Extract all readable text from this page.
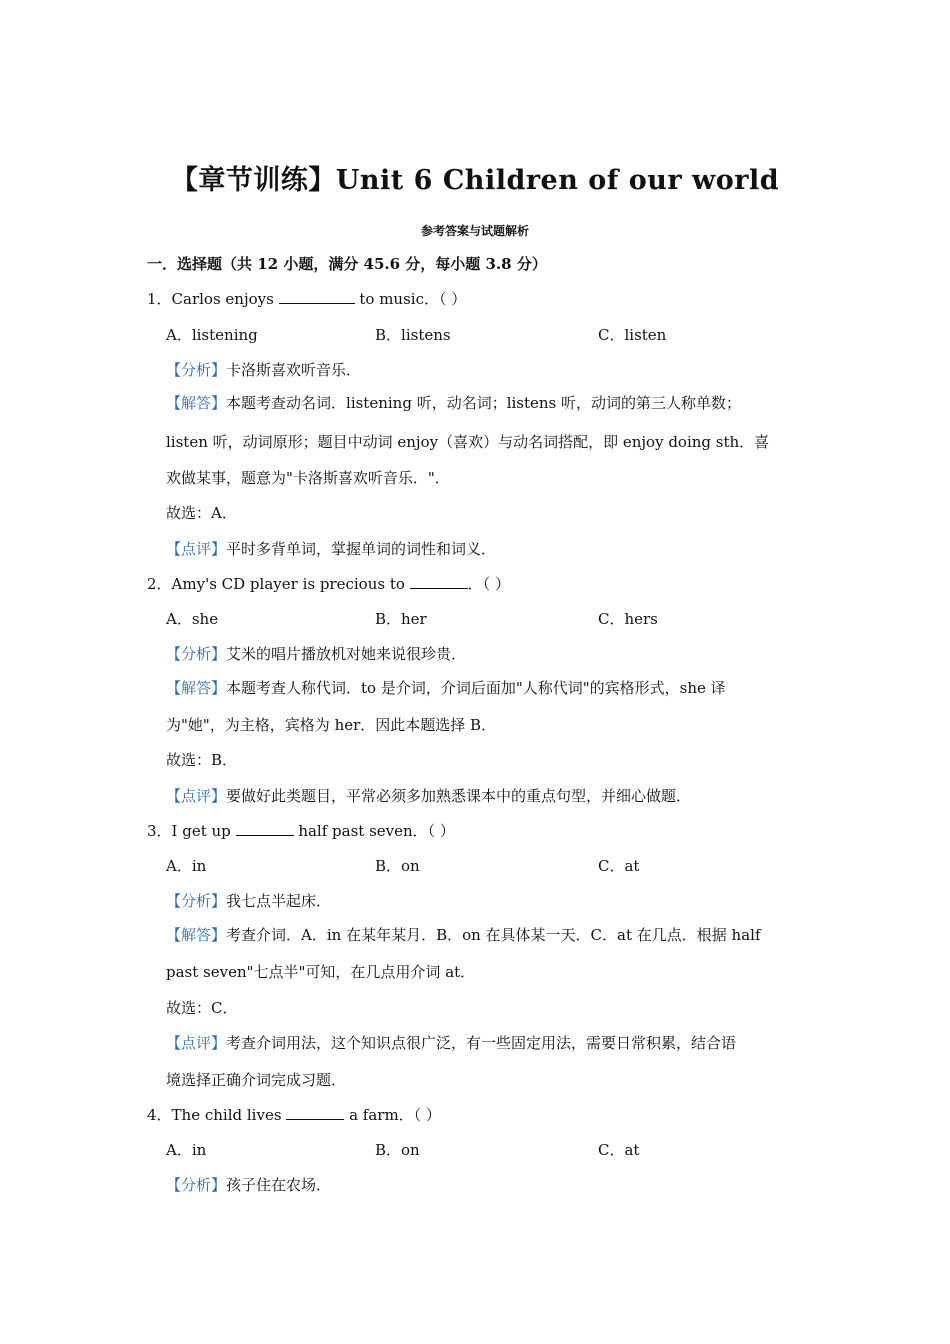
【章节训练】Unit 6 Children of our world
参考答案与试题解析
一．选择题（共 12 小题，满分 45.6 分，每小题 3.8 分）
1．Carlos enjoys	to music．（ ）
A．listening	B．listens	C．listen
【分析】卡洛斯喜欢听音乐．
【解答】本题考查动名词．listening 听，动名词；listens 听，动词的第三人称单数；
listen 听，动词原形；题目中动词 enjoy（喜欢）与动名词搭配，即 enjoy doing sth．喜
欢做某事，题意为"卡洛斯喜欢听音乐．"．
故选：A．
【点评】平时多背单词，掌握单词的词性和词义．
2．Amy's CD player is precious to	．（ ）
A．she	B．her	C．hers
【分析】艾米的唱片播放机对她来说很珍贵．
【解答】本题考查人称代词．to 是介词，介词后面加"人称代词"的宾格形式，she 译
为"她"，为主格，宾格为 her．因此本题选择 B．
故选：B．
【点评】要做好此类题目，平常必须多加熟悉课本中的重点句型，并细心做题．
3．I get up	half past seven．（ ）
A．in	B．on	C．at
【分析】我七点半起床．
【解答】考查介词．A．in 在某年某月．B．on 在具体某一天．C．at 在几点．根据 half
past seven"七点半"可知，在几点用介词 at．
故选：C．
【点评】考查介词用法，这个知识点很广泛，有一些固定用法，需要日常积累，结合语
境选择正确介词完成习题．
4．The child lives	a farm．（ ）
A．in	B．on	C．at
【分析】孩子住在农场．
